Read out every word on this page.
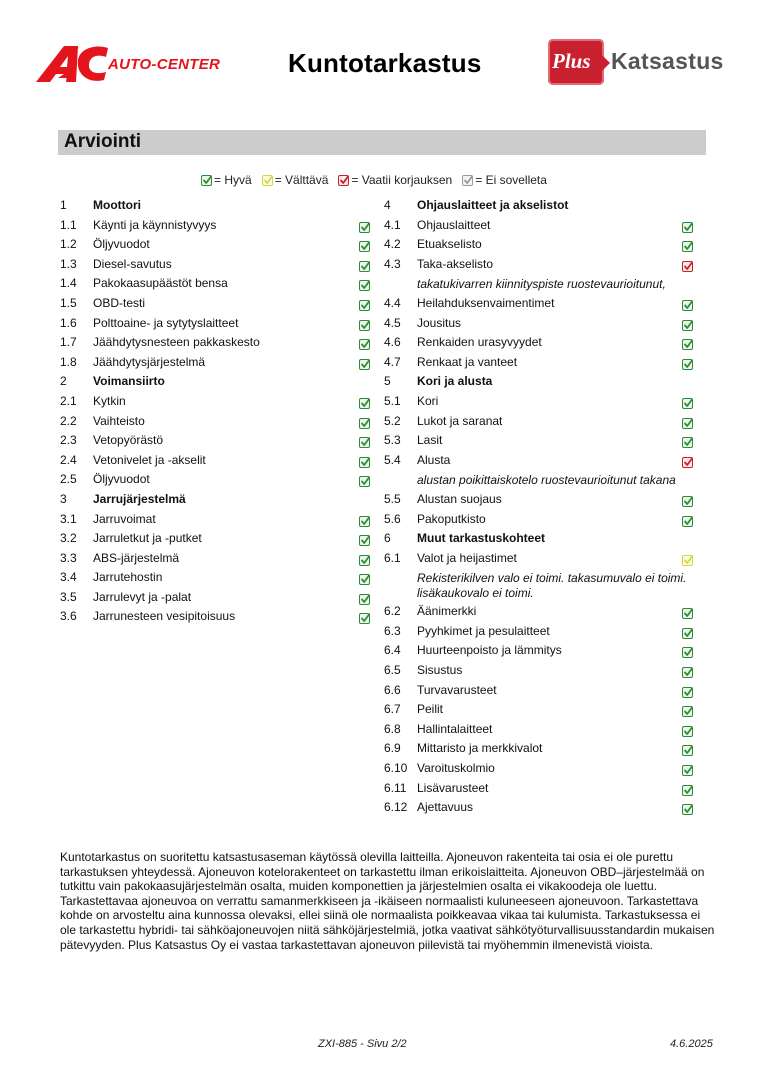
AUTO-CENTER	Kuntotarkastus	Plus Katsastus
Arviointi
= Hyvä = Välttävä = Vaatii korjauksen = Ei sovelleta
1	Moottori
1.1	Käynti ja käynnistyvyys
1.2	Öljyvuodot
1.3	Diesel-savutus
1.4	Pakokaasupäästöt bensa
1.5	OBD-testi
1.6	Polttoaine- ja sytytyslaitteet
1.7	Jäähdytysnesteen pakkaskesto
1.8	Jäähdytysjärjestelmä
2	Voimansiirto
2.1	Kytkin
2.2	Vaihteisto
2.3	Vetopyörästö
2.4	Vetonivelet ja -akselit
2.5	Öljyvuodot
3	Jarrujärjestelmä
3.1	Jarruvoimat
3.2	Jarruletkut ja -putket
3.3	ABS-järjestelmä
3.4	Jarrutehostin
3.5	Jarrulevyt ja -palat
3.6	Jarrunesteen vesipitoisuus
4	Ohjauslaitteet ja akselistot
4.1	Ohjauslaitteet
4.2	Etuakselisto
4.3	Taka-akselisto
takatukivarren kiinnityspiste ruostevaurioitunut,
4.4	Heilahduksenvaimentimet
4.5	Jousitus
4.6	Renkaiden urasyvyydet
4.7	Renkaat ja vanteet
5	Kori ja alusta
5.1	Kori
5.2	Lukot ja saranat
5.3	Lasit
5.4	Alusta
alustan poikittaiskotelo ruostevaurioitunut takana
5.5	Alustan suojaus
5.6	Pakoputkisto
6	Muut tarkastuskohteet
6.1	Valot ja heijastimet
Rekisterikilven valo ei toimi. takasumuvalo ei toimi. lisäkaukovalo ei toimi.
6.2	Äänimerkki
6.3	Pyyhkimet ja pesulaitteet
6.4	Huurteenpoisto ja lämmitys
6.5	Sisustus
6.6	Turvavarusteet
6.7	Peilit
6.8	Hallintalaitteet
6.9	Mittaristo ja merkkivalot
6.10 Varoituskolmio
6.11 Lisävarusteet
6.12 Ajettavuus
Kuntotarkastus on suoritettu katsastusaseman käytössä olevilla laitteilla. Ajoneuvon rakenteita tai osia ei ole purettu tarkastuksen yhteydessä. Ajoneuvon kotelorakenteet on tarkastettu ilman erikoislaitteita. Ajoneuvon OBD–järjestelmää on tutkittu vain pakokaasujärjestelmän osalta, muiden komponettien ja järjestelmien osalta ei vikakoodeja ole luettu. Tarkastettavaa ajoneuvoa on verrattu samanmerkkiseen ja -ikäiseen normaalisti kuluneeseen ajoneuvoon. Tarkastettava kohde on arvosteltu aina kunnossa olevaksi, ellei siinä ole normaalista poikkeavaa vikaa tai kulumista. Tarkastuksessa ei ole tarkastettu hybridi- tai sähköajoneuvojen niitä sähköjärjestelmiä, jotka vaativat sähkötyöturvallisuusstandardin mukaisen pätevyyden. Plus Katsastus Oy ei vastaa tarkastettavan ajoneuvon piilevistä tai myöhemmin ilmenevistä vioista.
ZXI-885 - Sivu 2/2	4.6.2025
